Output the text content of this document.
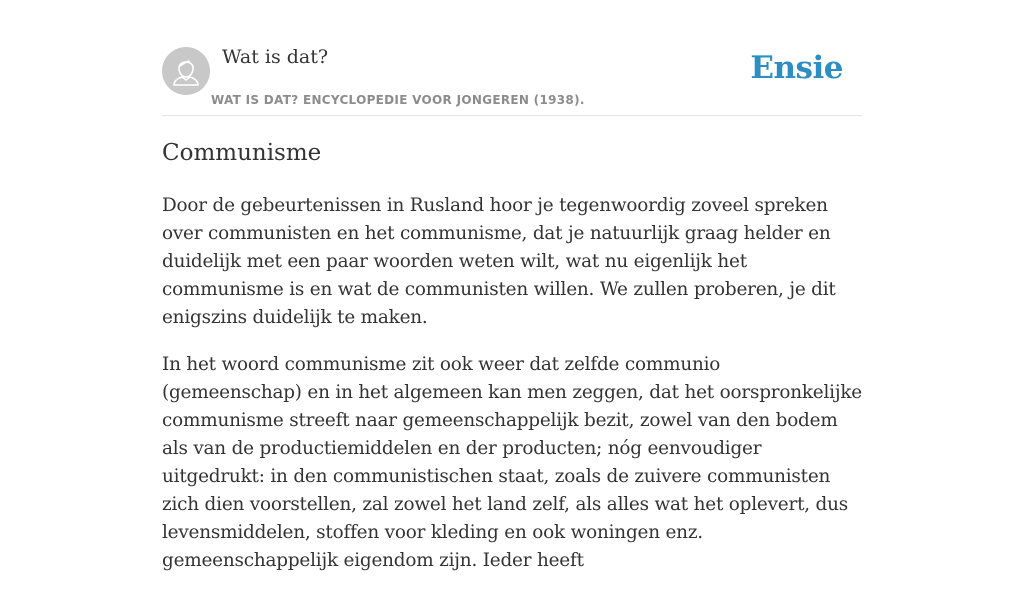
Wat is dat?
WAT IS DAT? ENCYCLOPEDIE VOOR JONGEREN (1938).
Ensie
Communisme

Door de gebeurtenissen in Rusland hoor je tegenwoordig zoveel spreken over communisten en het communisme, dat je natuurlijk graag helder en duidelijk met een paar woorden weten wilt, wat nu eigenlijk het communisme is en wat de communisten willen. We zullen proberen, je dit enigszins duidelijk te maken.

In het woord communisme zit ook weer dat zelfde communio (gemeenschap) en in het algemeen kan men zeggen, dat het oorspronkelijke communisme streeft naar gemeenschappelijk bezit, zowel van den bodem als van de productiemiddelen en der producten; nóg eenvoudiger uitgedrukt: in den communistischen staat, zoals de zuivere communisten zich dien voorstellen, zal zowel het land zelf, als alles wat het oplevert, dus levensmiddelen, stoffen voor kleding en ook woningen enz. gemeenschappelijk eigendom zijn. Ieder heeft
